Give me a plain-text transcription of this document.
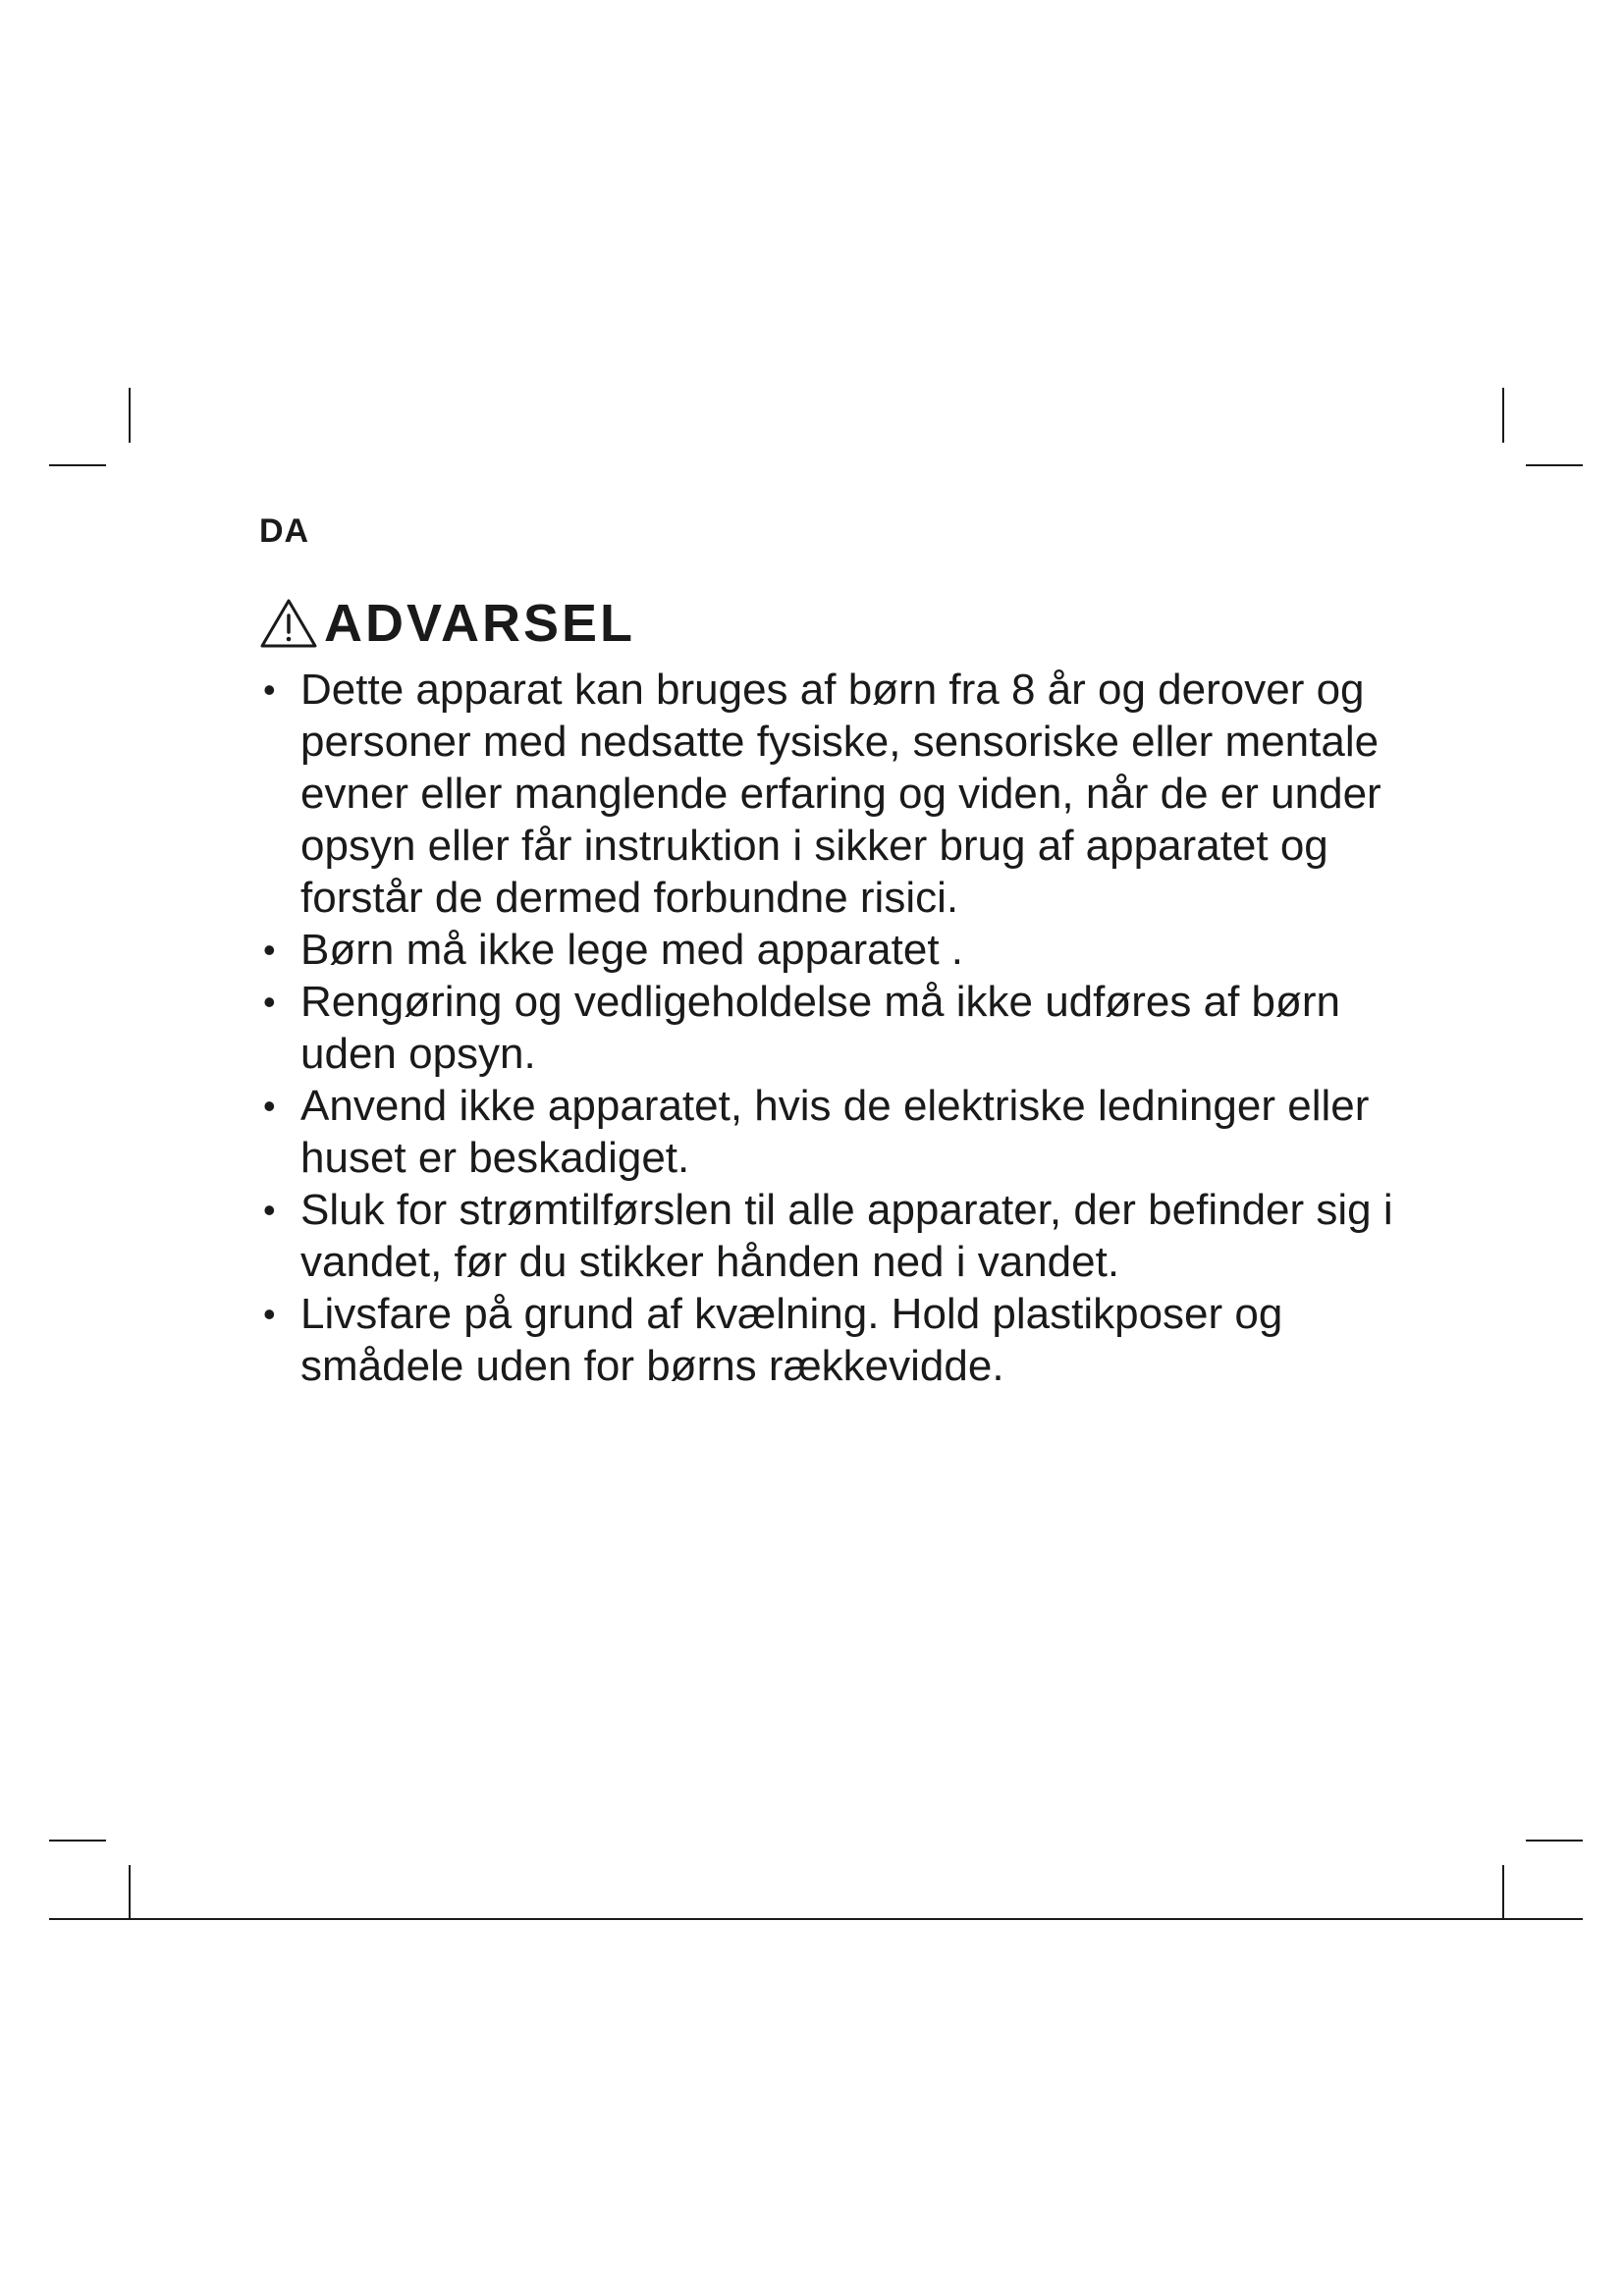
DA
ADVARSEL
• Dette apparat kan bruges af børn fra 8 år og derover og personer med nedsatte fysiske, sensoriske eller mentale evner eller manglende erfaring og viden, når de er under opsyn eller får instruktion i sikker brug af apparatet og forstår de dermed forbundne risici.
• Børn må ikke lege med apparatet .
• Rengøring og vedligeholdelse må ikke udføres af børn uden opsyn.
• Anvend ikke apparatet, hvis de elektriske ledninger eller huset er beskadiget.
• Sluk for strømtilførslen til alle apparater, der befinder sig i vandet, før du stikker hånden ned i vandet.
• Livsfare på grund af kvælning. Hold plastikposer og smådele uden for børns rækkevidde.
